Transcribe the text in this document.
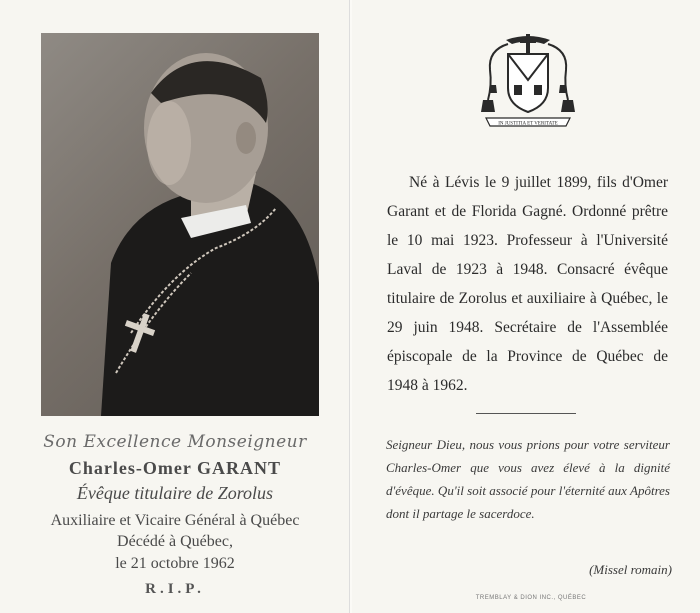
Son Excellence Monseigneur
Charles-Omer GARANT
Évêque titulaire de Zorolus
Auxiliaire et Vicaire Général à Québec
Décédé à Québec,
le 21 octobre 1962
R.I.P.
IN JUSTITIA ET VERITATE
Né à Lévis le 9 juillet 1899, fils d'Omer Garant et de Florida Gagné. Ordonné prêtre le 10 mai 1923. Professeur à l'Université Laval de 1923 à 1948. Consacré évêque titulaire de Zorolus et auxiliaire à Québec, le 29 juin 1948. Secrétaire de l'Assemblée épiscopale de la Province de Québec de 1948 à 1962.
Seigneur Dieu, nous vous prions pour votre serviteur Charles-Omer que vous avez élevé à la dignité d'évêque. Qu'il soit associé pour l'éternité aux Apôtres dont il partage le sacerdoce.
(Missel romain)
TREMBLAY & DION INC., QUÉBEC
